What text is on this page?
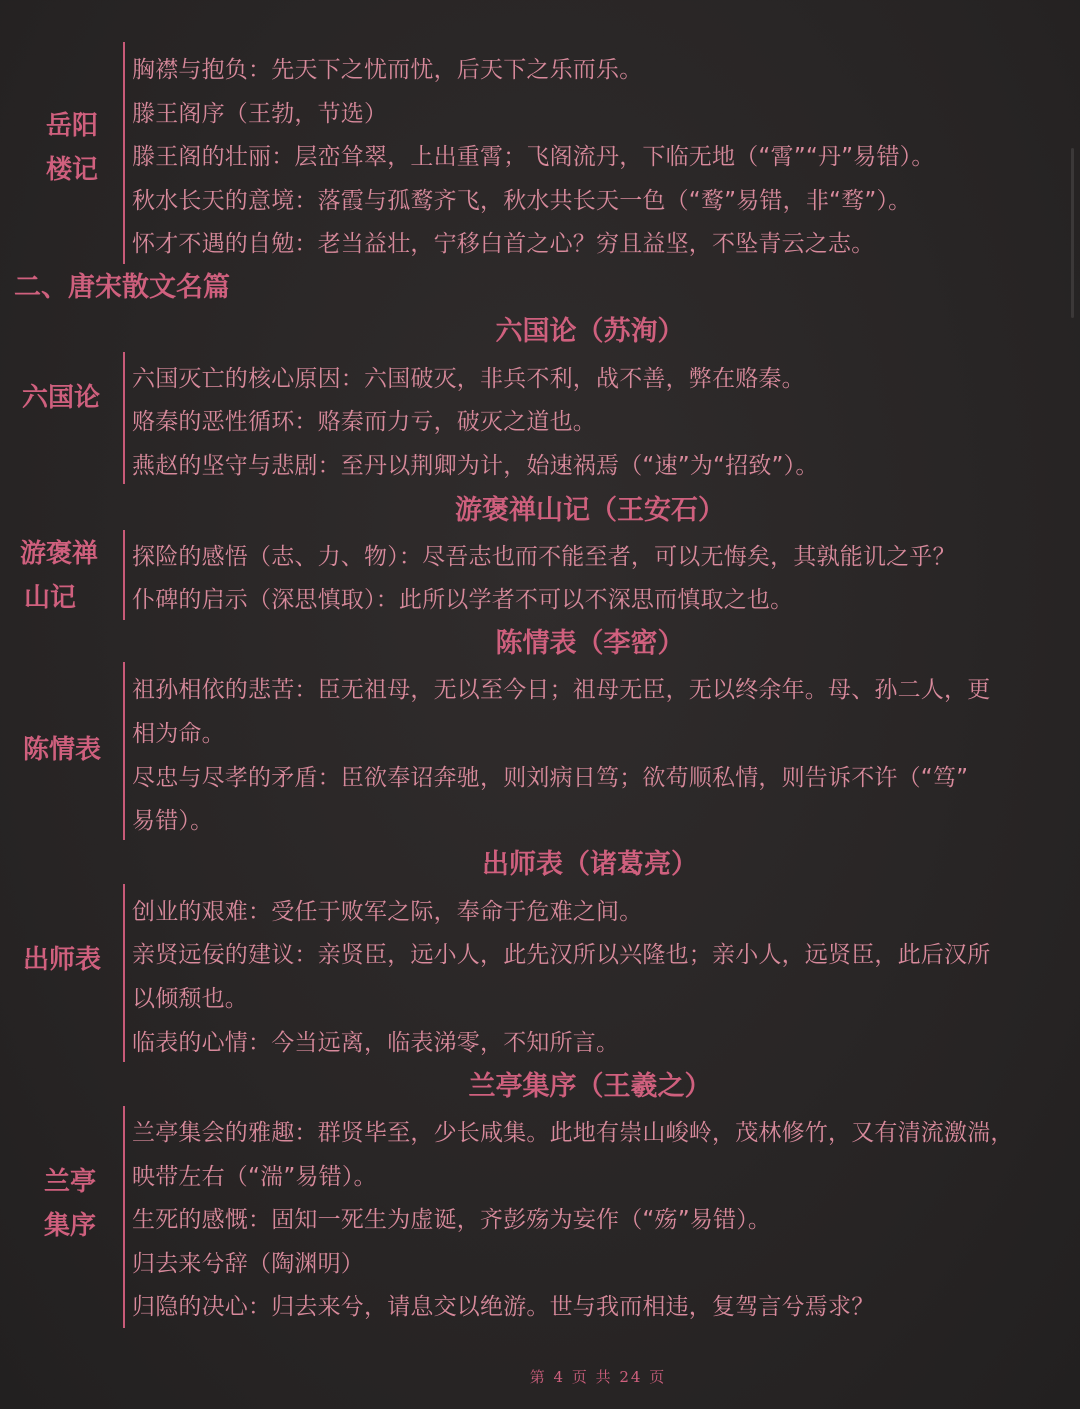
岳阳
楼记
胸襟与抱负：先天下之忧而忧，后天下之乐而乐。
滕王阁序（王勃，节选）
滕王阁的壮丽：层峦耸翠，上出重霄；飞阁流丹，下临无地（“霄”“丹”易错）。
秋水长天的意境：落霞与孤鹜齐飞，秋水共长天一色（“鹜”易错，非“骛”）。
怀才不遇的自勉：老当益壮，宁移白首之心？穷且益坚，不坠青云之志。
二、唐宋散文名篇
六国论（苏洵）
六国论
六国灭亡的核心原因：六国破灭，非兵不利，战不善，弊在赂秦。
赂秦的恶性循环：赂秦而力亏，破灭之道也。
燕赵的坚守与悲剧：至丹以荆卿为计，始速祸焉（“速”为“招致”）。
游褒禅山记（王安石）
游褒禅
山记
探险的感悟（志、力、物）：尽吾志也而不能至者，可以无悔矣，其孰能讥之乎？
仆碑的启示（深思慎取）：此所以学者不可以不深思而慎取之也。
陈情表（李密）
陈情表
祖孙相依的悲苦：臣无祖母，无以至今日；祖母无臣，无以终余年。母、孙二人，更
相为命。
尽忠与尽孝的矛盾：臣欲奉诏奔驰，则刘病日笃；欲苟顺私情，则告诉不许（“笃”
易错）。
出师表（诸葛亮）
出师表
创业的艰难：受任于败军之际，奉命于危难之间。
亲贤远佞的建议：亲贤臣，远小人，此先汉所以兴隆也；亲小人，远贤臣，此后汉所
以倾颓也。
临表的心情：今当远离，临表涕零，不知所言。
兰亭集序（王羲之）
兰亭
集序
兰亭集会的雅趣：群贤毕至，少长咸集。此地有崇山峻岭，茂林修竹，又有清流激湍，
映带左右（“湍”易错）。
生死的感慨：固知一死生为虚诞，齐彭殇为妄作（“殇”易错）。
归去来兮辞（陶渊明）
归隐的决心：归去来兮，请息交以绝游。世与我而相违，复驾言兮焉求？
第 4 页 共 24 页
